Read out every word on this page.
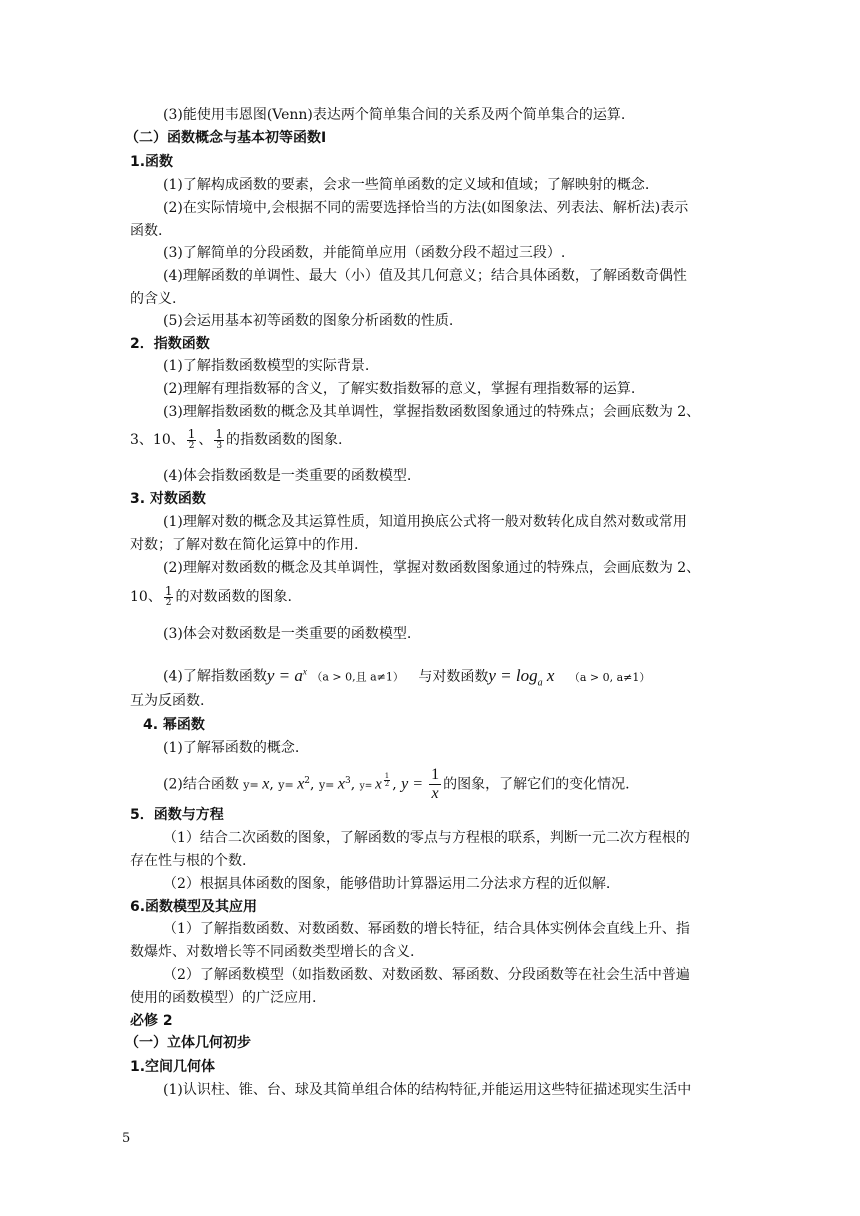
(3)能使用韦恩图(Venn)表达两个简单集合间的关系及两个简单集合的运算.
（二）函数概念与基本初等函数Ⅰ
1.函数
(1)了解构成函数的要素，会求一些简单函数的定义域和值域；了解映射的概念.
(2)在实际情境中,会根据不同的需要选择恰当的方法(如图象法、列表法、解析法)表示
函数.
(3)了解简单的分段函数，并能简单应用（函数分段不超过三段）.
(4)理解函数的单调性、最大（小）值及其几何意义；结合具体函数，了解函数奇偶性
的含义.
(5)会运用基本初等函数的图象分析函数的性质.
2．指数函数
(1)了解指数函数模型的实际背景.
(2)理解有理指数幂的含义，了解实数指数幂的意义，掌握有理指数幂的运算.
(3)理解指数函数的概念及其单调性，掌握指数函数图象通过的特殊点；会画底数为 2、
3、10、 $\frac{1}{2}$ 、 $\frac{1}{3}$ 的指数函数的图象.
(4)体会指数函数是一类重要的函数模型.
3. 对数函数
(1)理解对数的概念及其运算性质，知道用换底公式将一般对数转化成自然对数或常用
对数；了解对数在简化运算中的作用.
(2)理解对数函数的概念及其单调性，掌握对数函数图象通过的特殊点，会画底数为 2、
10、 $\frac{1}{2}$ 的对数函数的图象.
(3)体会对数函数是一类重要的函数模型.
(4)了解指数函数$y = a^x$ （a > 0,且 a≠1） 与对数函数$y = \log_a x$ （a > 0, a≠1）
互为反函数.
4. 幂函数
(1)了解幂函数的概念.
(2)结合函数 y= x, $y= x^2$, $y= x^3$, y= x $^{\frac{1}{2}}$ , $y = \frac{1}{x}$ 的图象，了解它们的变化情况.
5．函数与方程
（1）结合二次函数的图象，了解函数的零点与方程根的联系，判断一元二次方程根的
存在性与根的个数.
（2）根据具体函数的图象，能够借助计算器运用二分法求方程的近似解.
6.函数模型及其应用
（1）了解指数函数、对数函数、幂函数的增长特征，结合具体实例体会直线上升、指
数爆炸、对数增长等不同函数类型增长的含义.
（2）了解函数模型（如指数函数、对数函数、幂函数、分段函数等在社会生活中普遍
使用的函数模型）的广泛应用.
必修 2
（一）立体几何初步
1.空间几何体
(1)认识柱、锥、台、球及其简单组合体的结构特征,并能运用这些特征描述现实生活中
5
